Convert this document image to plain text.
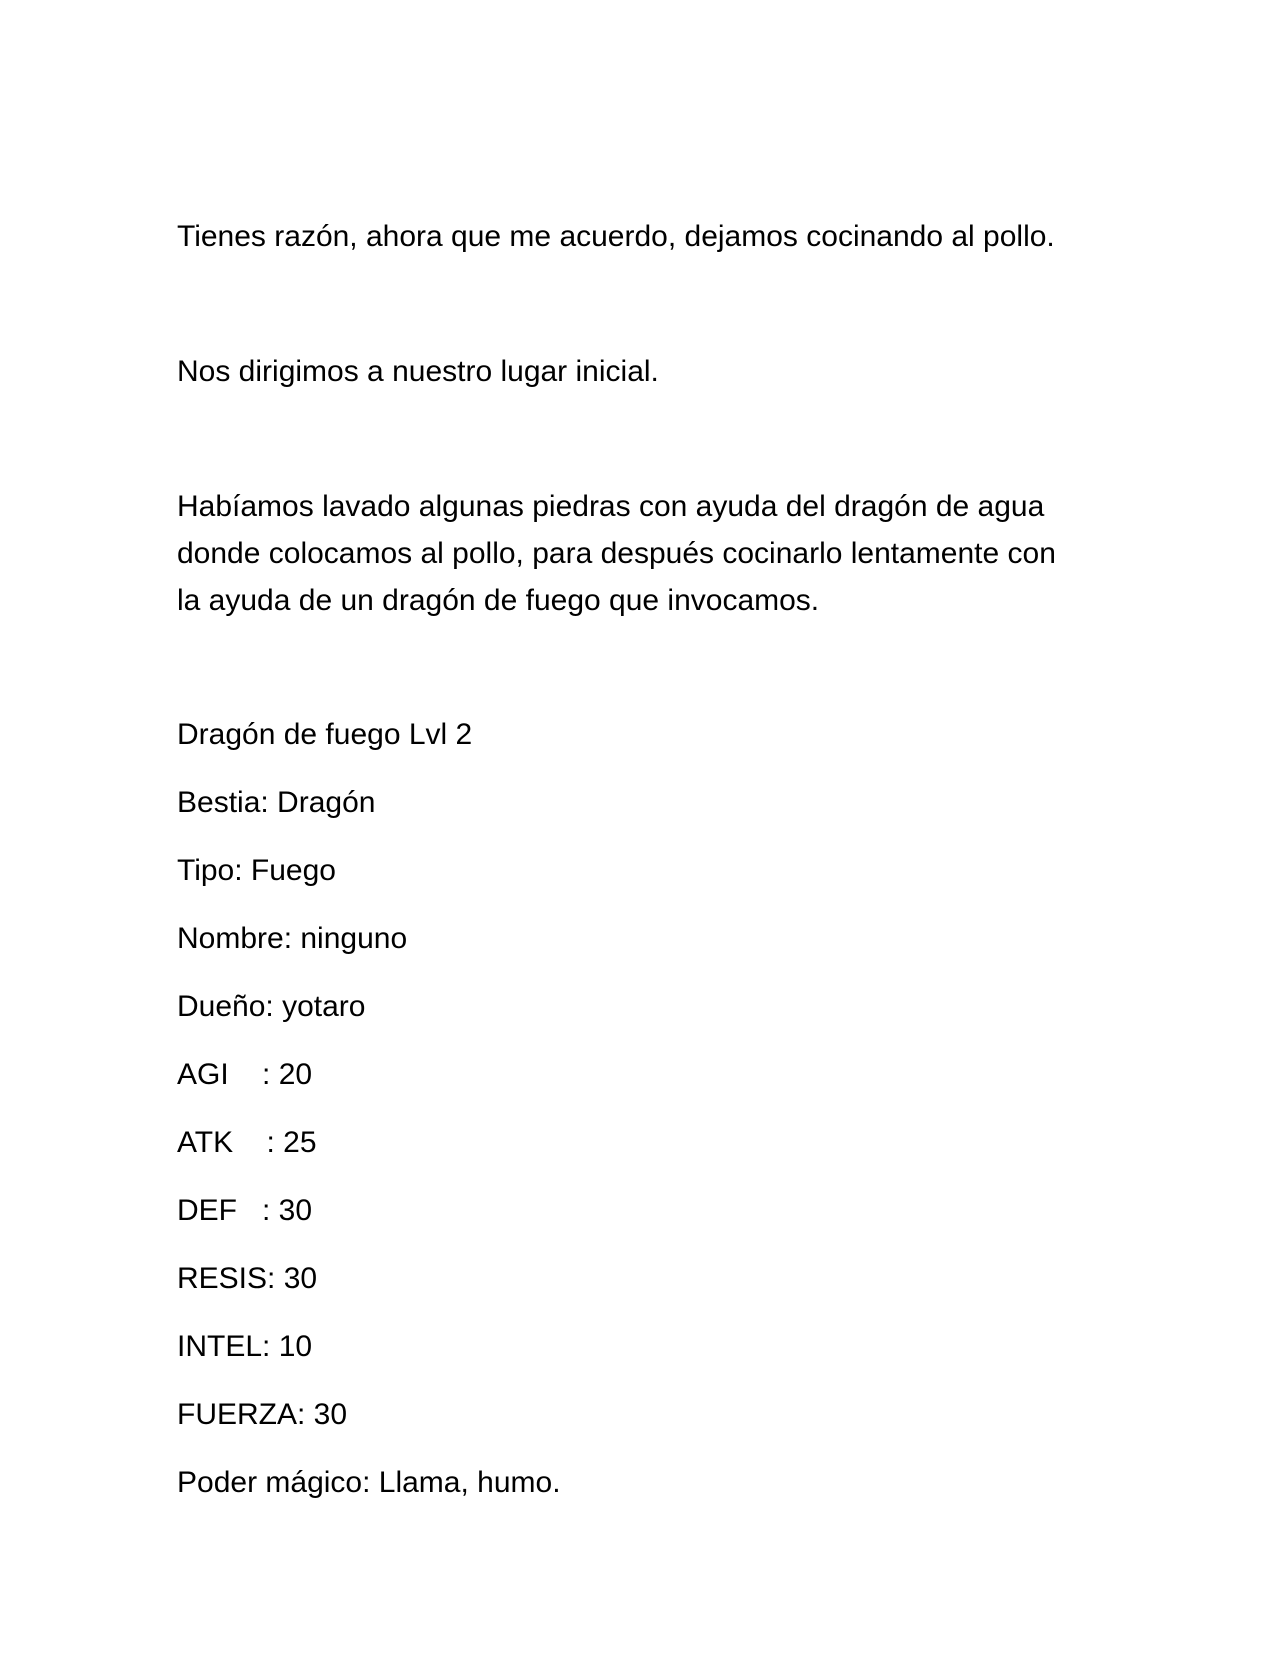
Tienes razón, ahora que me acuerdo, dejamos cocinando al pollo.

Nos dirigimos a nuestro lugar inicial.

Habíamos lavado algunas piedras con ayuda del dragón de agua

donde colocamos al pollo, para después cocinarlo lentamente con

la ayuda de un dragón de fuego que invocamos.

Dragón de fuego Lvl 2

Bestia: Dragón

Tipo: Fuego

Nombre: ninguno

Dueño: yotaro

AGI    : 20

ATK    : 25

DEF   : 30

RESIS: 30

INTEL: 10

FUERZA: 30

Poder mágico: Llama, humo.
